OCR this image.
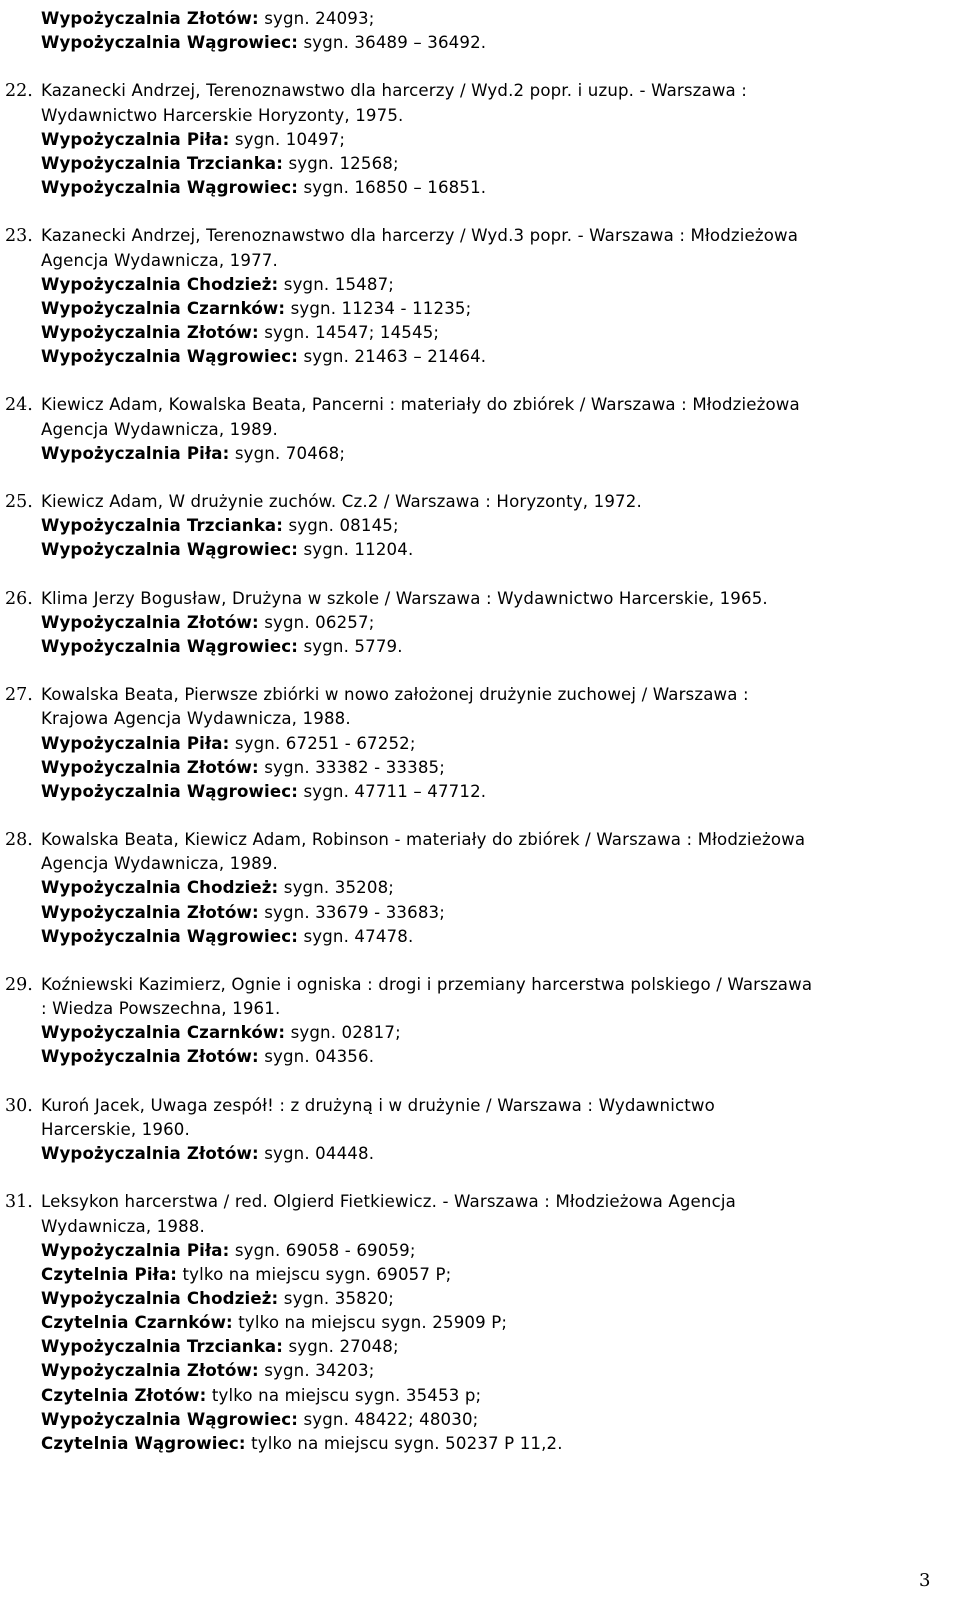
Wypożyczalnia Złotów: sygn. 24093;
Wypożyczalnia Wągrowiec: sygn. 36489 – 36492.
22. Kazanecki Andrzej, Terenoznawstwo dla harcerzy / Wyd.2 popr. i uzup. - Warszawa :
Wydawnictwo Harcerskie Horyzonty, 1975.
Wypożyczalnia Piła: sygn. 10497;
Wypożyczalnia Trzcianka: sygn. 12568;
Wypożyczalnia Wągrowiec: sygn. 16850 – 16851.
23. Kazanecki Andrzej, Terenoznawstwo dla harcerzy / Wyd.3 popr. - Warszawa : Młodzieżowa
Agencja Wydawnicza, 1977.
Wypożyczalnia Chodzież: sygn. 15487;
Wypożyczalnia Czarnków: sygn. 11234 - 11235;
Wypożyczalnia Złotów: sygn. 14547; 14545;
Wypożyczalnia Wągrowiec: sygn. 21463 – 21464.
24. Kiewicz Adam, Kowalska Beata, Pancerni : materiały do zbiórek / Warszawa : Młodzieżowa
Agencja Wydawnicza, 1989.
Wypożyczalnia Piła: sygn. 70468;
25. Kiewicz Adam, W drużynie zuchów. Cz.2 / Warszawa : Horyzonty, 1972.
Wypożyczalnia Trzcianka: sygn. 08145;
Wypożyczalnia Wągrowiec: sygn. 11204.
26. Klima Jerzy Bogusław, Drużyna w szkole / Warszawa : Wydawnictwo Harcerskie, 1965.
Wypożyczalnia Złotów: sygn. 06257;
Wypożyczalnia Wągrowiec: sygn. 5779.
27. Kowalska Beata, Pierwsze zbiórki w nowo założonej drużynie zuchowej / Warszawa :
Krajowa Agencja Wydawnicza, 1988.
Wypożyczalnia Piła: sygn. 67251 - 67252;
Wypożyczalnia Złotów: sygn. 33382 - 33385;
Wypożyczalnia Wągrowiec: sygn. 47711 – 47712.
28. Kowalska Beata, Kiewicz Adam, Robinson - materiały do zbiórek / Warszawa : Młodzieżowa
Agencja Wydawnicza, 1989.
Wypożyczalnia Chodzież: sygn. 35208;
Wypożyczalnia Złotów: sygn. 33679 - 33683;
Wypożyczalnia Wągrowiec: sygn. 47478.
29. Koźniewski Kazimierz, Ognie i ogniska : drogi i przemiany harcerstwa polskiego / Warszawa
: Wiedza Powszechna, 1961.
Wypożyczalnia Czarnków: sygn. 02817;
Wypożyczalnia Złotów: sygn. 04356.
30. Kuroń Jacek, Uwaga zespół! : z drużyną i w drużynie / Warszawa : Wydawnictwo
Harcerskie, 1960.
Wypożyczalnia Złotów: sygn. 04448.
31. Leksykon harcerstwa / red. Olgierd Fietkiewicz. - Warszawa : Młodzieżowa Agencja
Wydawnicza, 1988.
Wypożyczalnia Piła: sygn. 69058 - 69059;
Czytelnia Piła: tylko na miejscu sygn. 69057 P;
Wypożyczalnia Chodzież: sygn. 35820;
Czytelnia Czarnków: tylko na miejscu sygn. 25909 P;
Wypożyczalnia Trzcianka: sygn. 27048;
Wypożyczalnia Złotów: sygn. 34203;
Czytelnia Złotów: tylko na miejscu sygn. 35453 p;
Wypożyczalnia Wągrowiec: sygn. 48422; 48030;
Czytelnia Wągrowiec: tylko na miejscu sygn. 50237 P 11,2.
3
